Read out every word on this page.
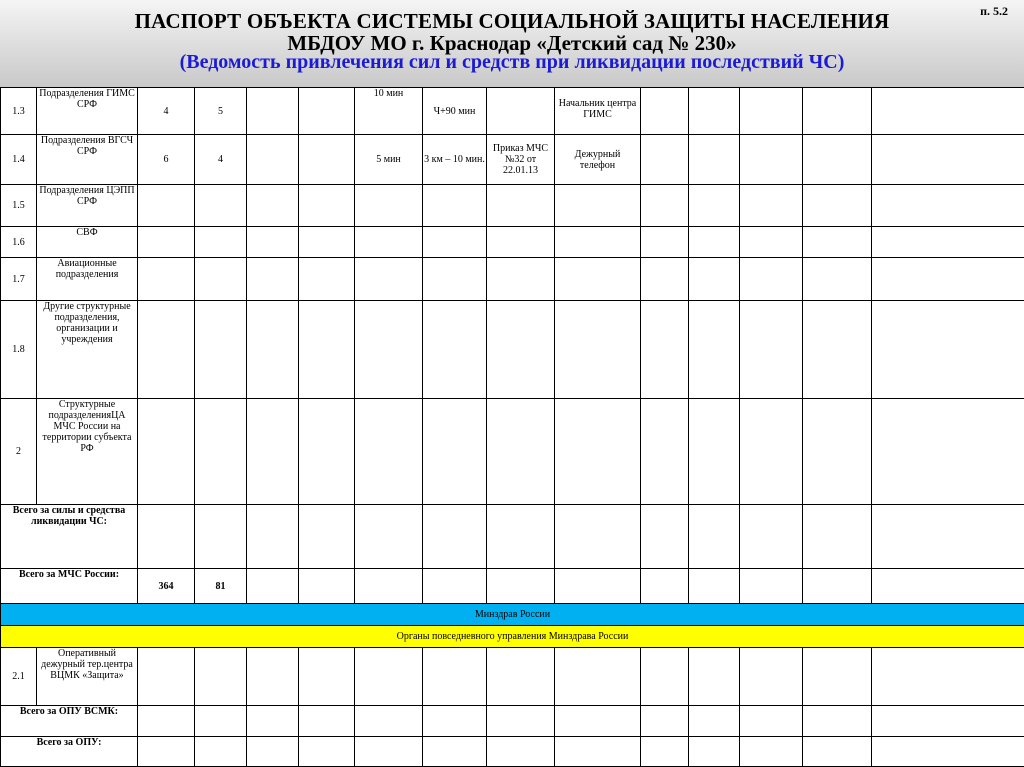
ПАСПОРТ ОБЪЕКТА СИСТЕМЫ СОЦИАЛЬНОЙ ЗАЩИТЫ НАСЕЛЕНИЯ
МБДОУ МО г. Краснодар «Детский сад № 230»
(Ведомость привлечения сил и средств при ликвидации последствий ЧС)
п. 5.2
1.3	Подразделения ГИМС СРФ	4	5			10 мин	Ч+90 мин		Начальник центра ГИМС					
1.4	Подразделения ВГСЧ СРФ	6	4			5 мин	3 км – 10 мин.	Приказ МЧС №32 от 22.01.13	Дежурный телефон					
1.5	Подразделения ЦЭПП СРФ													
1.6	СВФ													
1.7	Авиационные подразделения													
1.8	Другие структурные подразделения, организации и учреждения													
2	Структурные подразделенияЦА МЧС России на территории субъекта РФ													
Всего за силы и средства ликвидации ЧС:														
Всего за МЧС России:		364	81											
Минздрав России														
Органы повседневного управления Минздрава России														
2.1	Оперативный дежурный тер.центра ВЦМК «Защита»													
Всего за ОПУ ВСМК:														
Всего за ОПУ:														
